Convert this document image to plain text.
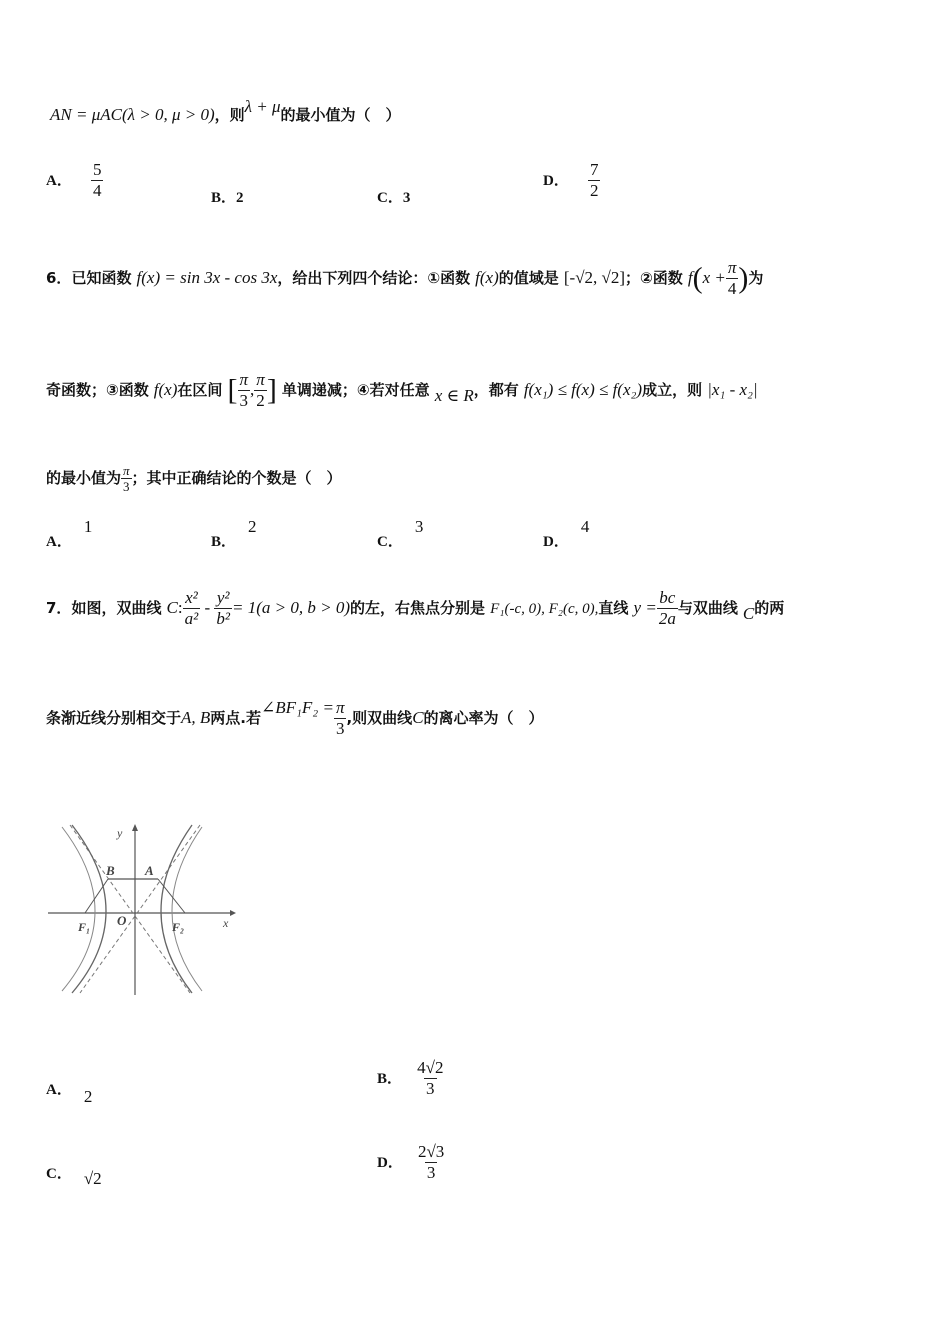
AN = μAC(λ > 0, μ > 0)，则λ + μ的最小值为（　）
A． $\frac{5}{4}$	B．2	C．3
D． $\frac{7}{2}$
6．已知函数 f(x) = sin 3x - cos 3x，给出下列四个结论：①函数 f(x)的值域是 [-√2, √2]；②函数 $f(x + \frac{\pi}{4}$ )为
奇函数；③函数 f(x)在区间 [ $\frac{\pi}{3}$ , $\frac{\pi}{2}$ ] 单调递减；④若对任意 x ∈ R，都有 f(x₁) ≤ f(x) ≤ f(x₂)成立，则 |x₁ - x₂|
的最小值为 $\frac{\pi}{3}$ ；其中正确结论的个数是（　）
A．1
B．2
C．3
D．4
7．如图，双曲线 C: $\frac{\text{x²}}{\text{a²}} - \frac{\text{y²}}{\text{b²}} = 1(a > 0$, b > 0)的左，右焦点分别是 F₁(-c, 0), F₂(c, 0),直线 $y = \frac{bc}{2a}$ 与双曲线 C的两
条渐近线分别相交于A, B两点.若∠BF₁F₂ = $\frac{\pi}{3}$ ,则双曲线C的离心率为（　）
y
x
B A
O
F₁	F₂
A． 2
B． $\frac{4√2}{3}$
C． √2
D． $\frac{2√3}{3}$
